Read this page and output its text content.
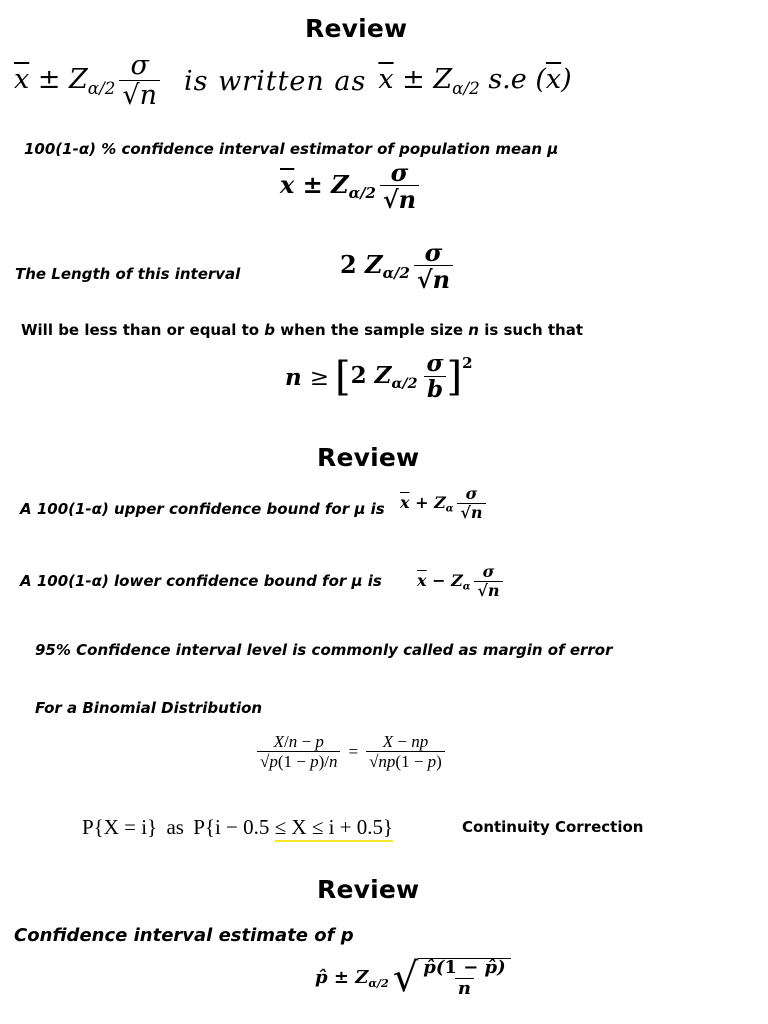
Review
$\overline{x} \pm Z_{\alpha/2} \frac{\sigma}{√n}$ is written as $\overline{x} \pm Z_{\alpha/2}$ s.e $(\overline{x})$
100(1-α) % confidence interval estimator of population mean μ
$\overline{x} \pm Z_{\alpha/2} \frac{\sigma}{√n}$
The Length of this interval	2 $Z_{\alpha/2} \frac{\sigma}{√n}$
Will be less than or equal to b when the sample size n is such that
n ≥ [ 2 $Z_{\alpha/2} \frac{\sigma}{b}$ ] 2
Review
A 100(1-α) upper confidence bound for μ is $\overline{x} + Z_\alpha \frac{\sigma}{√n}$
A 100(1-α) lower confidence bound for μ is $\overline{x} - Z_\alpha \frac{\sigma}{√n}$
95% Confidence interval level is commonly called as margin of error
For a Binomial Distribution
$\frac{X/n - p}{√p(1 - p)/n} = \frac{X - np}{√np(1 - p)}$
P{X = i} as P{i − 0.5 ≤ X ≤ i + 0.5}	Continuity Correction
Review
Confidence interval estimate of p
p̂ ± $Z_{\alpha/2}$ √ $\frac{p̂(1 - p̂)}{n}$
